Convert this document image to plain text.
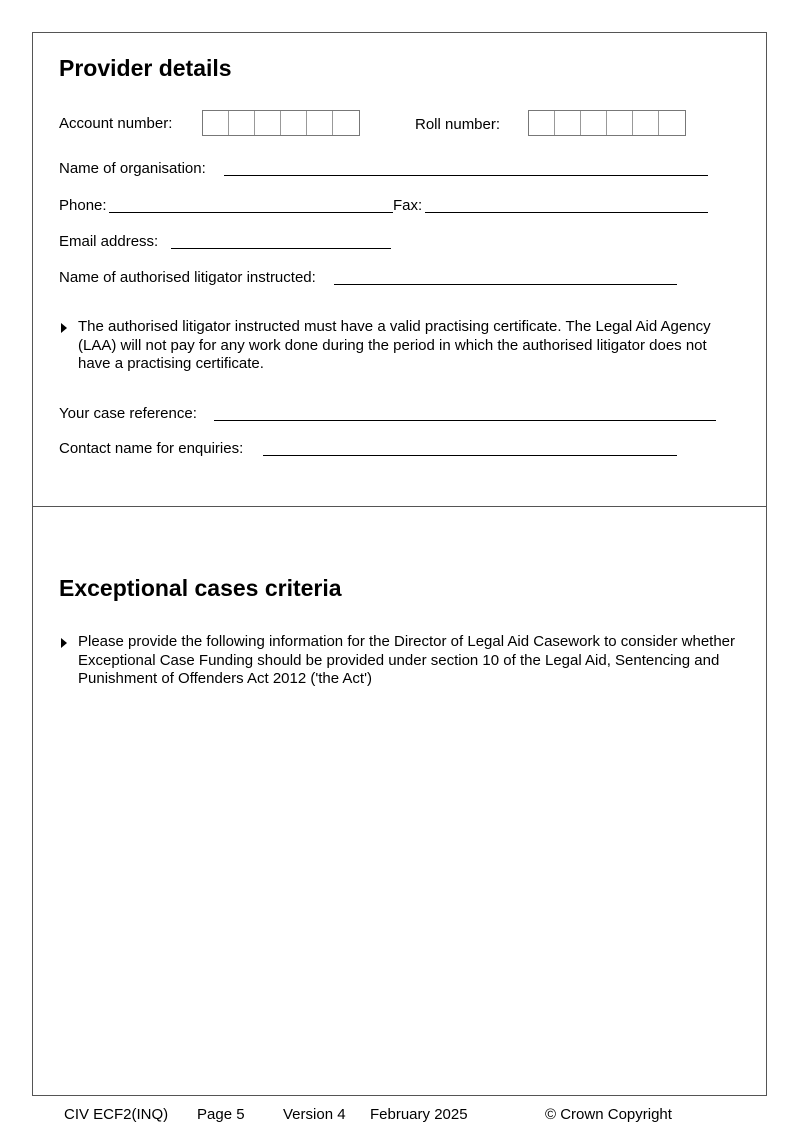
Provider details
Account number:	Roll number:
Name of organisation:
Phone:	Fax:
Email address:
Name of authorised litigator instructed:
The authorised litigator instructed must have a valid practising certificate. The Legal Aid Agency (LAA) will not pay for any work done during the period in which the authorised litigator does not have a practising certificate.
Your case reference:
Contact name for enquiries:
Exceptional cases criteria
Please provide the following information for the Director of Legal Aid Casework to consider whether Exceptional Case Funding should be provided under section 10 of the Legal Aid, Sentencing and Punishment of Offenders Act 2012 ('the Act')
CIV ECF2(INQ) Page 5	Version 4 February 2025	© Crown Copyright
